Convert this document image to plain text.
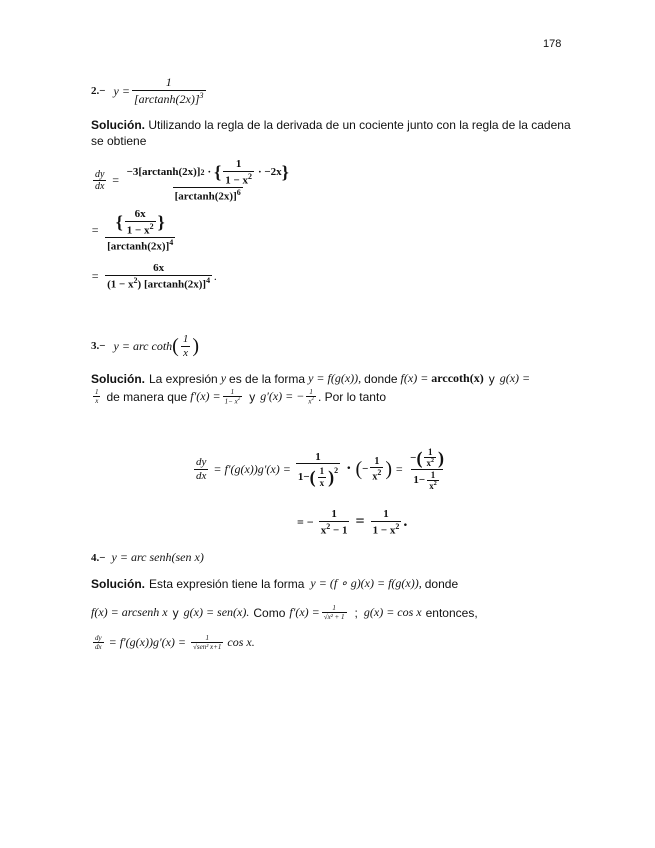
178
$2.- y = \frac{1}{[\arctan h(2x)]^3}$
Solución. Utilizando la regla de la derivada de un cociente junto con la regla de la cadena
se obtiene
$\frac{dy}{dx}$ =
−3[arctanh(2x)] 2 · { $\frac{1}{1 - x^2} \cdot -2x$ }
$[\arctan h(2x)]^6$
= $\frac{\{ \frac{6x}{1 - x^2} \}}{[\arctan h(2x)]^4}$
= $\frac{6x}{(1 - x^2) [\arctan h(2x)]^4}$ .
3.− y = arc coth ( $\frac{1}{x}$ )
Solución. La expresión y es de la forma y = f(g(x)), donde f(x) = arccoth(x) y g(x) =
$\frac{1}{x}$ de manera que $f'(x) = \frac{1}{1- x^2}$ y g′(x) = − $\frac{1}{x^2}$ . Por lo tanto
$\frac{dy}{dx} = f'(g(x))g'(x) = \frac{1}{1- ( \frac{1}{x} )^2}$ · ( − $\frac{1}{x^2}$ ) = $\frac{- ( \frac{1}{x^2} )}{1- \frac{1}{x^2}}$
= − $\frac{1}{x^2 - 1} = \frac{1}{1 - x^2}$ .
4.− y = arc senh(sen x)
Solución. Esta expresión tiene la forma y = (f ∘ g)(x) = f(g(x)), donde
f(x) = arcsenh x y g(x) = sen(x). Como $f'(x) = \frac{1}{\text{√x² + 1}}$ ; g(x) = cos x entonces,
$\frac{dy}{dx} = f'(g(x))g'(x) = \frac{1}{\text{√sen² x+1}}$ cos x.
